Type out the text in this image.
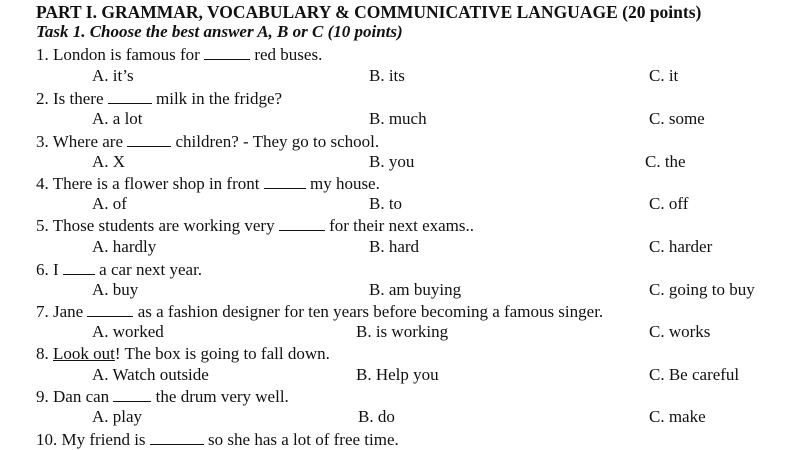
PART I. GRAMMAR, VOCABULARY & COMMUNICATIVE LANGUAGE (20 points)
Task 1. Choose the best answer A, B or C (10 points)
1. London is famous for	red buses.
A. it’s	B. its	C. it
2. Is there	milk in the fridge?
A. a lot	B. much	C. some
3. Where are	children? - They go to school.
A. X	B. you	C. the
4. There is a flower shop in front	my house.
A. of	B. to	C. off
5. Those students are working very	for their next exams..
A. hardly	B. hard	C. harder
6. I a car next year.
A. buy	B. am buying	C. going to buy
7. Jane	as a fashion designer for ten years before becoming a famous singer.
A. worked	B. is working	C. works
8. Look out! The box is going to fall down.
A. Watch outside	B. Help you	C. Be careful
9. Dan can	the drum very well.
A. play	B. do	C. make
10. My friend is	so she has a lot of free time.
